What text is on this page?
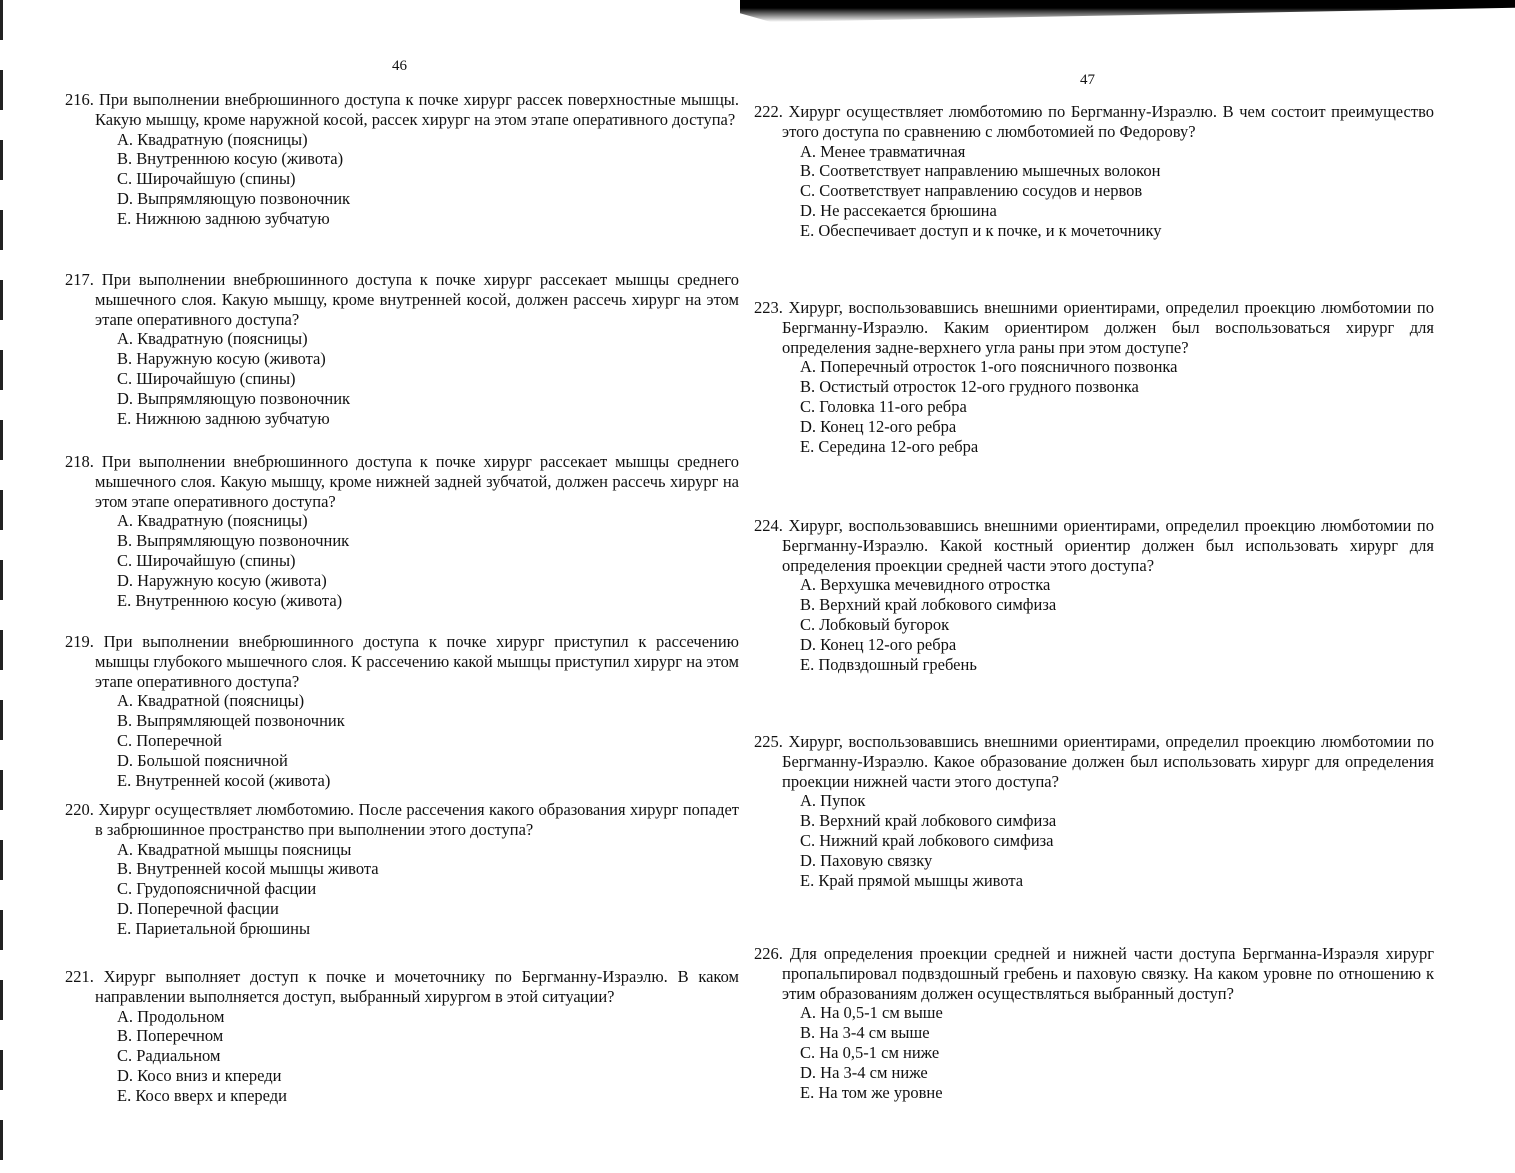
46

216. При выполнении внебрюшинного доступа к почке хирург рассек поверхностные мышцы. Какую мышцу, кроме наружной косой, рассек хирург на этом этапе оперативного доступа?

A. Квадратную (поясницы)
B. Внутреннюю косую (живота)
C. Широчайшую (спины)
D. Выпрямляющую позвоночник
E. Нижнюю заднюю зубчатую

217. При выполнении внебрюшинного доступа к почке хирург рассекает мышцы среднего мышечного слоя. Какую мышцу, кроме внутренней косой, должен рассечь хирург на этом этапе оперативного доступа?

A. Квадратную (поясницы)
B. Наружную косую (живота)
C. Широчайшую (спины)
D. Выпрямляющую позвоночник
E. Нижнюю заднюю зубчатую

218. При выполнении внебрюшинного доступа к почке хирург рассекает мышцы среднего мышечного слоя. Какую мышцу, кроме нижней задней зубчатой, должен рассечь хирург на этом этапе оперативного доступа?

A. Квадратную (поясницы)
B. Выпрямляющую позвоночник
C. Широчайшую (спины)
D. Наружную косую (живота)
E. Внутреннюю косую (живота)

219. При выполнении внебрюшинного доступа к почке хирург приступил к рассечению мышцы глубокого мышечного слоя. К рассечению какой мышцы приступил хирург на этом этапе оперативного доступа?

A. Квадратной (поясницы)
B. Выпрямляющей позвоночник
C. Поперечной
D. Большой поясничной
E. Внутренней косой (живота)

220. Хирург осуществляет люмботомию. После рассечения какого образования хирург попадет в забрюшинное пространство при выполнении этого доступа?

A. Квадратной мышцы поясницы
B. Внутренней косой мышцы живота
C. Грудопоясничной фасции
D. Поперечной фасции
E. Париетальной брюшины

221. Хирург выполняет доступ к почке и мочеточнику по Бергманну-Израэлю. В каком направлении выполняется доступ, выбранный хирургом в этой ситуации?

A. Продольном
B. Поперечном
C. Радиальном
D. Косо вниз и кпереди
E. Косо вверх и кпереди
47

222. Хирург осуществляет люмботомию по Бергманну-Израэлю. В чем состоит преимущество этого доступа по сравнению с люмботомией по Федорову?

A. Менее травматичная
B. Соответствует направлению мышечных волокон
C. Соответствует направлению сосудов и нервов
D. Не рассекается брюшина
E. Обеспечивает доступ и к почке, и к мочеточнику

223. Хирург, воспользовавшись внешними ориентирами, определил проекцию люмботомии по Бергманну-Израэлю. Каким ориентиром должен был воспользоваться хирург для определения задне-верхнего угла раны при этом доступе?

A. Поперечный отросток 1-ого поясничного позвонка
B. Остистый отросток 12-ого грудного позвонка
C. Головка 11-ого ребра
D. Конец 12-ого ребра
E. Середина 12-ого ребра

224. Хирург, воспользовавшись внешними ориентирами, определил проекцию люмботомии по Бергманну-Израэлю. Какой костный ориентир должен был использовать хирург для определения проекции средней части этого доступа?

A. Верхушка мечевидного отростка
B. Верхний край лобкового симфиза
C. Лобковый бугорок
D. Конец 12-ого ребра
E. Подвздошный гребень

225. Хирург, воспользовавшись внешними ориентирами, определил проекцию люмботомии по Бергманну-Израэлю. Какое образование должен был использовать хирург для определения проекции нижней части этого доступа?

A. Пупок
B. Верхний край лобкового симфиза
C. Нижний край лобкового симфиза
D. Паховую связку
E. Край прямой мышцы живота

226. Для определения проекции средней и нижней части доступа Бергманна-Израэля хирург пропальпировал подвздошный гребень и паховую связку. На каком уровне по отношению к этим образованиям должен осуществляться выбранный доступ?

A. На 0,5-1 см выше
B. На 3-4 см выше
C. На 0,5-1 см ниже
D. На 3-4 см ниже
E. На том же уровне
